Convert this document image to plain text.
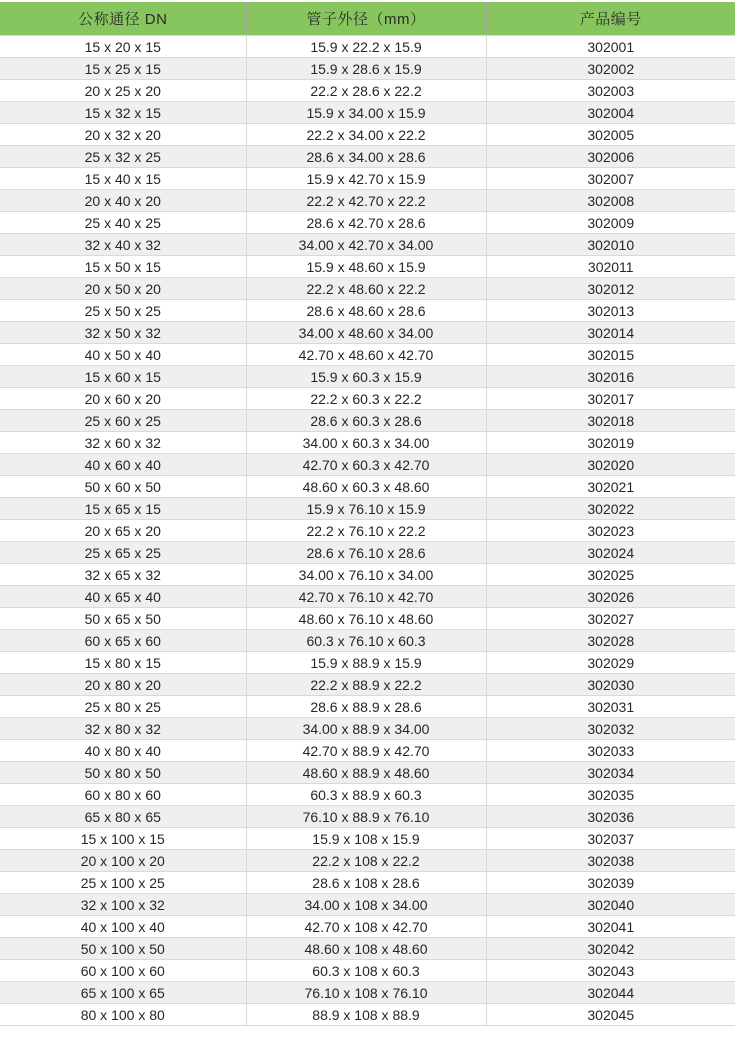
公称通径 DN	管子外径（mm）	产品编号
15 x 20 x 15	15.9 x 22.2 x 15.9	302001
15 x 25 x 15	15.9 x 28.6 x 15.9	302002
20 x 25 x 20	22.2 x 28.6 x 22.2	302003
15 x 32 x 15	15.9 x 34.00 x 15.9	302004
20 x 32 x 20	22.2 x 34.00 x 22.2	302005
25 x 32 x 25	28.6 x 34.00 x 28.6	302006
15 x 40 x 15	15.9 x 42.70 x 15.9	302007
20 x 40 x 20	22.2 x 42.70 x 22.2	302008
25 x 40 x 25	28.6 x 42.70 x 28.6	302009
32 x 40 x 32	34.00 x 42.70 x 34.00	302010
15 x 50 x 15	15.9 x 48.60 x 15.9	302011
20 x 50 x 20	22.2 x 48.60 x 22.2	302012
25 x 50 x 25	28.6 x 48.60 x 28.6	302013
32 x 50 x 32	34.00 x 48.60 x 34.00	302014
40 x 50 x 40	42.70 x 48.60 x 42.70	302015
15 x 60 x 15	15.9 x 60.3 x 15.9	302016
20 x 60 x 20	22.2 x 60.3 x 22.2	302017
25 x 60 x 25	28.6 x 60.3 x 28.6	302018
32 x 60 x 32	34.00 x 60.3 x 34.00	302019
40 x 60 x 40	42.70 x 60.3 x 42.70	302020
50 x 60 x 50	48.60 x 60.3 x 48.60	302021
15 x 65 x 15	15.9 x 76.10 x 15.9	302022
20 x 65 x 20	22.2 x 76.10 x 22.2	302023
25 x 65 x 25	28.6 x 76.10 x 28.6	302024
32 x 65 x 32	34.00 x 76.10 x 34.00	302025
40 x 65 x 40	42.70 x 76.10 x 42.70	302026
50 x 65 x 50	48.60 x 76.10 x 48.60	302027
60 x 65 x 60	60.3 x 76.10 x 60.3	302028
15 x 80 x 15	15.9 x 88.9 x 15.9	302029
20 x 80 x 20	22.2 x 88.9 x 22.2	302030
25 x 80 x 25	28.6 x 88.9 x 28.6	302031
32 x 80 x 32	34.00 x 88.9 x 34.00	302032
40 x 80 x 40	42.70 x 88.9 x 42.70	302033
50 x 80 x 50	48.60 x 88.9 x 48.60	302034
60 x 80 x 60	60.3 x 88.9 x 60.3	302035
65 x 80 x 65	76.10 x 88.9 x 76.10	302036
15 x 100 x 15	15.9 x 108 x 15.9	302037
20 x 100 x 20	22.2 x 108 x 22.2	302038
25 x 100 x 25	28.6 x 108 x 28.6	302039
32 x 100 x 32	34.00 x 108 x 34.00	302040
40 x 100 x 40	42.70 x 108 x 42.70	302041
50 x 100 x 50	48.60 x 108 x 48.60	302042
60 x 100 x 60	60.3 x 108 x 60.3	302043
65 x 100 x 65	76.10 x 108 x 76.10	302044
80 x 100 x 80	88.9 x 108 x 88.9	302045
